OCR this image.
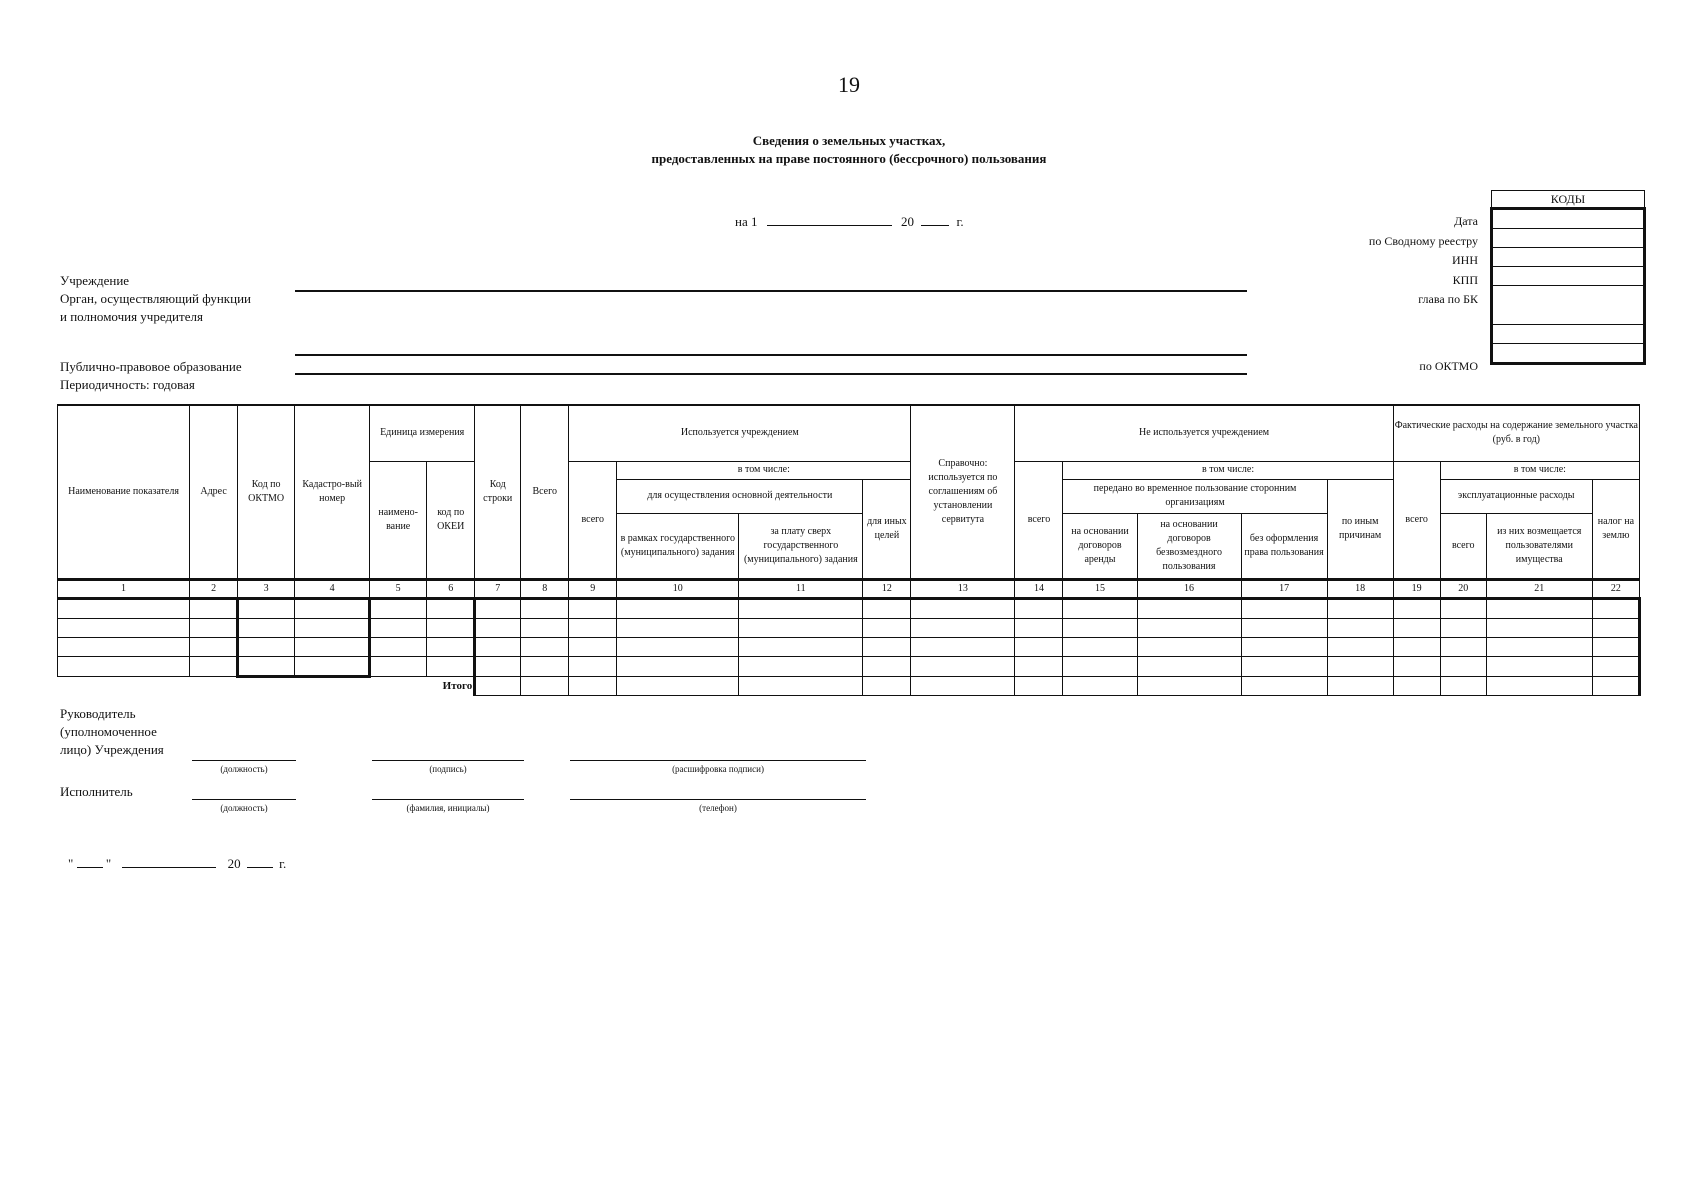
19
Сведения о земельных участках,
предоставленных на праве постоянного (бессрочного) пользования
на 1	20	г.
Учреждение
Орган, осуществляющий функции
и полномочия учредителя
Публично-правовое образование
Периодичность: годовая
Дата
по Сводному реестру
ИНН
КПП
глава по БК
по ОКТМО
КОДЫ

Наименование показателя	Адрес	Код по ОКТМО	Кадастро-вый номер	Единица измерения		Код строки	Всего	Используется учреждением				Справочно: используется по соглашениям об установлении сервитута	Не используется учреждением					Фактические расходы на содержание земельного участка (руб. в год)			
				наимено-вание	код по ОКЕИ			всего	в том числе:				всего	в том числе:				всего	в том числе:		
									для осуществления основной деятельности		для иных целей			передано во временное пользование сторонним организациям			по иным причинам		эксплуатационные расходы		налог на землю
									в рамках государственного (муниципального) задания	за плату сверх государственного (муниципального) задания				на основании договоров аренды	на основании договоров безвозмездного пользования	без оформления права пользования			всего	из них возмещается пользователями имущества	
1	2	3	4	5	6	7	8	9	10	11	12	13	14	15	16	17	18	19	20	21	22

					Итого																
Руководитель
(уполномоченное
лицо) Учреждения
(должность)	(подпись)	(расшифровка подписи)
Исполнитель
(должность)	(фамилия, инициалы)	(телефон)
"	"	20	г.
